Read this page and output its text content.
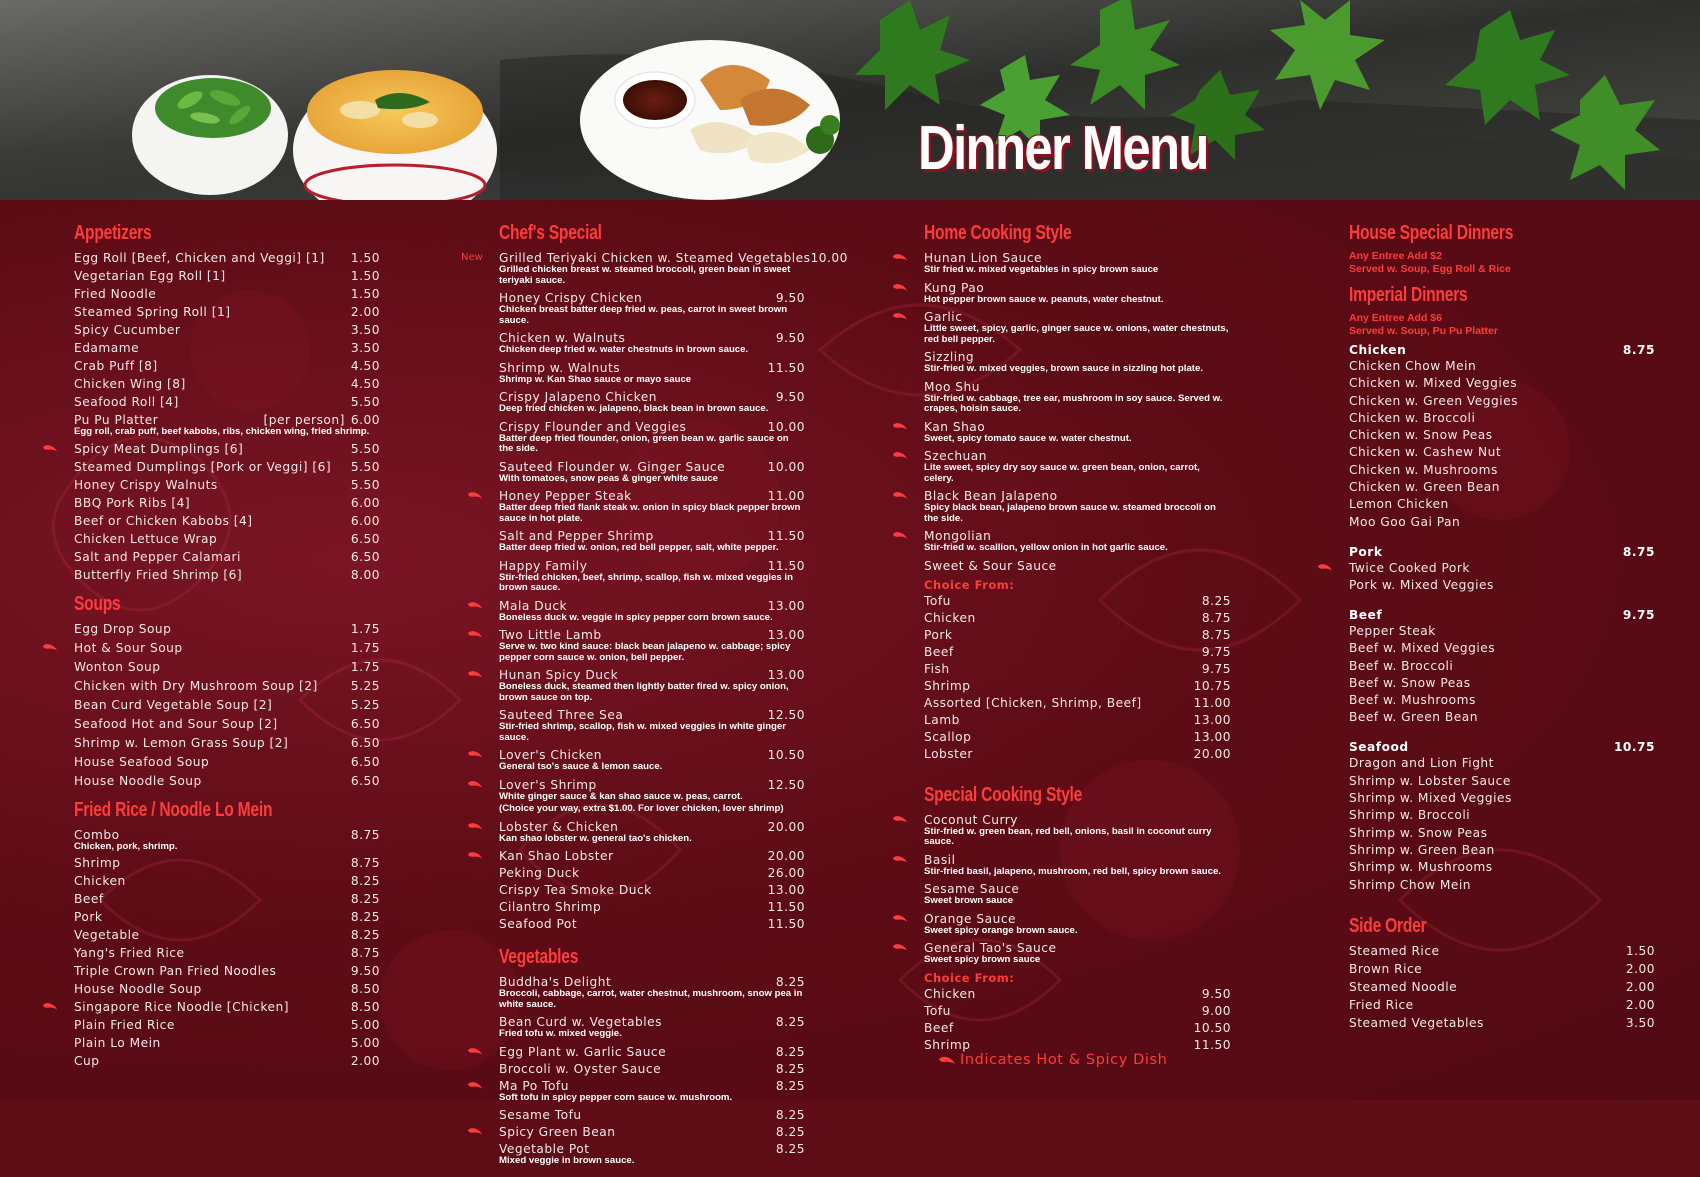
Dinner Menu
Appetizers
Egg Roll [Beef, Chicken and Veggi] [1] 1.50
Vegetarian Egg Roll [1]	1.50
Fried Noodle	1.50
Steamed Spring Roll [1]	2.00
Spicy Cucumber	3.50
Edamame	3.50
Crab Puff [8]	4.50
Chicken Wing [8]	4.50
Seafood Roll [4]	5.50
Pu Pu Platter	[per person] 6.00
Egg roll, crab puff, beef kabobs, ribs, chicken wing, fried shrimp.
Spicy Meat Dumplings [6]	5.50
Steamed Dumplings [Pork or Veggi] [6] 5.50
Honey Crispy Walnuts	5.50
BBQ Pork Ribs [4]	6.00
Beef or Chicken Kabobs [4]	6.00
Chicken Lettuce Wrap	6.50
Salt and Pepper Calamari	6.50
Butterfly Fried Shrimp [6]	8.00
Soups
Egg Drop Soup	1.75
Hot & Sour Soup	1.75
Wonton Soup	1.75
Chicken with Dry Mushroom Soup [2]	5.25
Bean Curd Vegetable Soup [2]	5.25
Seafood Hot and Sour Soup [2]	6.50
Shrimp w. Lemon Grass Soup [2]	6.50
House Seafood Soup	6.50
House Noodle Soup	6.50
Fried Rice / Noodle Lo Mein
Combo	8.75
Chicken, pork, shrimp.
Shrimp	8.75
Chicken	8.25
Beef	8.25
Pork	8.25
Vegetable	8.25
Yang's Fried Rice	8.75
Triple Crown Pan Fried Noodles	9.50
House Noodle Soup	8.50
Singapore Rice Noodle [Chicken]	8.50
Plain Fried Rice	5.00
Plain Lo Mein	5.00
Cup	2.00
Chef's Special
New Grilled Teriyaki Chicken w. Steamed Vegetables 10.00
Grilled chicken breast w. steamed broccoli, green bean in sweet teriyaki sauce.
Honey Crispy Chicken	9.50
Chicken breast batter deep fried w. peas, carrot in sweet brown sauce.
Chicken w. Walnuts	9.50
Chicken deep fried w. water chestnuts in brown sauce.
Shrimp w. Walnuts	11.50
Shrimp w. Kan Shao sauce or mayo sauce
Crispy Jalapeno Chicken	9.50
Deep fried chicken w. jalapeno, black bean in brown sauce.
Crispy Flounder and Veggies	10.00
Batter deep fried flounder, onion, green bean w. garlic sauce on the side.
Sauteed Flounder w. Ginger Sauce	10.00
With tomatoes, snow peas & ginger white sauce
Honey Pepper Steak	11.00
Batter deep fried flank steak w. onion in spicy black pepper brown sauce in hot plate.
Salt and Pepper Shrimp	11.50
Batter deep fried w. onion, red bell pepper, salt, white pepper.
Happy Family	11.50
Stir-fried chicken, beef, shrimp, scallop, fish w. mixed veggies in brown sauce.
Mala Duck	13.00
Boneless duck w. veggie in spicy pepper corn brown sauce.
Two Little Lamb	13.00
Serve w. two kind sauce: black bean jalapeno w. cabbage; spicy pepper corn sauce w. onion, bell pepper.
Hunan Spicy Duck	13.00
Boneless duck, steamed then lightly batter fired w. spicy onion, brown sauce on top.
Sauteed Three Sea	12.50
Stir-fried shrimp, scallop, fish w. mixed veggies in white ginger sauce.
Lover's Chicken	10.50
General tso's sauce & lemon sauce.
Lover's Shrimp	12.50
White ginger sauce & kan shao sauce w. peas, carrot.
(Choice your way, extra $1.00. For lover chicken, lover shrimp)
Lobster & Chicken	20.00
Kan shao lobster w. general tao's chicken.
Kan Shao Lobster	20.00
Peking Duck	26.00
Crispy Tea Smoke Duck	13.00
Cilantro Shrimp	11.50
Seafood Pot	11.50
Vegetables
Buddha's Delight	8.25
Broccoli, cabbage, carrot, water chestnut, mushroom, snow pea in white sauce.
Bean Curd w. Vegetables	8.25
Fried tofu w. mixed veggie.
Egg Plant w. Garlic Sauce	8.25
Broccoli w. Oyster Sauce	8.25
Ma Po Tofu	8.25
Soft tofu in spicy pepper corn sauce w. mushroom.
Sesame Tofu	8.25
Spicy Green Bean	8.25
Vegetable Pot	8.25
Mixed veggie in brown sauce.
Home Cooking Style
Hunan Lion Sauce
Stir fried w. mixed vegetables in spicy brown sauce
Kung Pao
Hot pepper brown sauce w. peanuts, water chestnut.
Garlic
Little sweet, spicy, garlic, ginger sauce w. onions, water chestnuts, red bell pepper.
Sizzling
Stir-fried w. mixed veggies, brown sauce in sizzling hot plate.
Moo Shu
Stir-fried w. cabbage, tree ear, mushroom in soy sauce. Served w. crapes, hoisin sauce.
Kan Shao
Sweet, spicy tomato sauce w. water chestnut.
Szechuan
Lite sweet, spicy dry soy sauce w. green bean, onion, carrot, celery.
Black Bean Jalapeno
Spicy black bean, jalapeno brown sauce w. steamed broccoli on the side.
Mongolian
Stir-fried w. scallion, yellow onion in hot garlic sauce.
Sweet & Sour Sauce
Choice From:
Tofu	8.25
Chicken	8.75
Pork	8.75
Beef	9.75
Fish	9.75
Shrimp	10.75
Assorted [Chicken, Shrimp, Beef]	11.00
Lamb	13.00
Scallop	13.00
Lobster	20.00
Special Cooking Style
Coconut Curry
Stir-fried w. green bean, red bell, onions, basil in coconut curry sauce.
Basil
Stir-fried basil, jalapeno, mushroom, red bell, spicy brown sauce.
Sesame Sauce
Sweet brown sauce
Orange Sauce
Sweet spicy orange brown sauce.
General Tao's Sauce
Sweet spicy brown sauce
Choice From:
Chicken	9.50
Tofu	9.00
Beef	10.50
Shrimp	11.50
House Special Dinners
Any Entree Add $2
Served w. Soup, Egg Roll & Rice
Imperial Dinners
Any Entree Add $6
Served w. Soup, Pu Pu Platter
Chicken	8.75
Chicken Chow Mein
Chicken w. Mixed Veggies
Chicken w. Green Veggies
Chicken w. Broccoli
Chicken w. Snow Peas
Chicken w. Cashew Nut
Chicken w. Mushrooms
Chicken w. Green Bean
Lemon Chicken
Moo Goo Gai Pan
Pork	8.75
Twice Cooked Pork
Pork w. Mixed Veggies
Beef	9.75
Pepper Steak
Beef w. Mixed Veggies
Beef w. Broccoli
Beef w. Snow Peas
Beef w. Mushrooms
Beef w. Green Bean
Seafood	10.75
Dragon and Lion Fight
Shrimp w. Lobster Sauce
Shrimp w. Mixed Veggies
Shrimp w. Broccoli
Shrimp w. Snow Peas
Shrimp w. Green Bean
Shrimp w. Mushrooms
Shrimp Chow Mein
Side Order
Steamed Rice	1.50
Brown Rice	2.00
Steamed Noodle	2.00
Fried Rice	2.00
Steamed Vegetables	3.50
Indicates Hot & Spicy Dish
